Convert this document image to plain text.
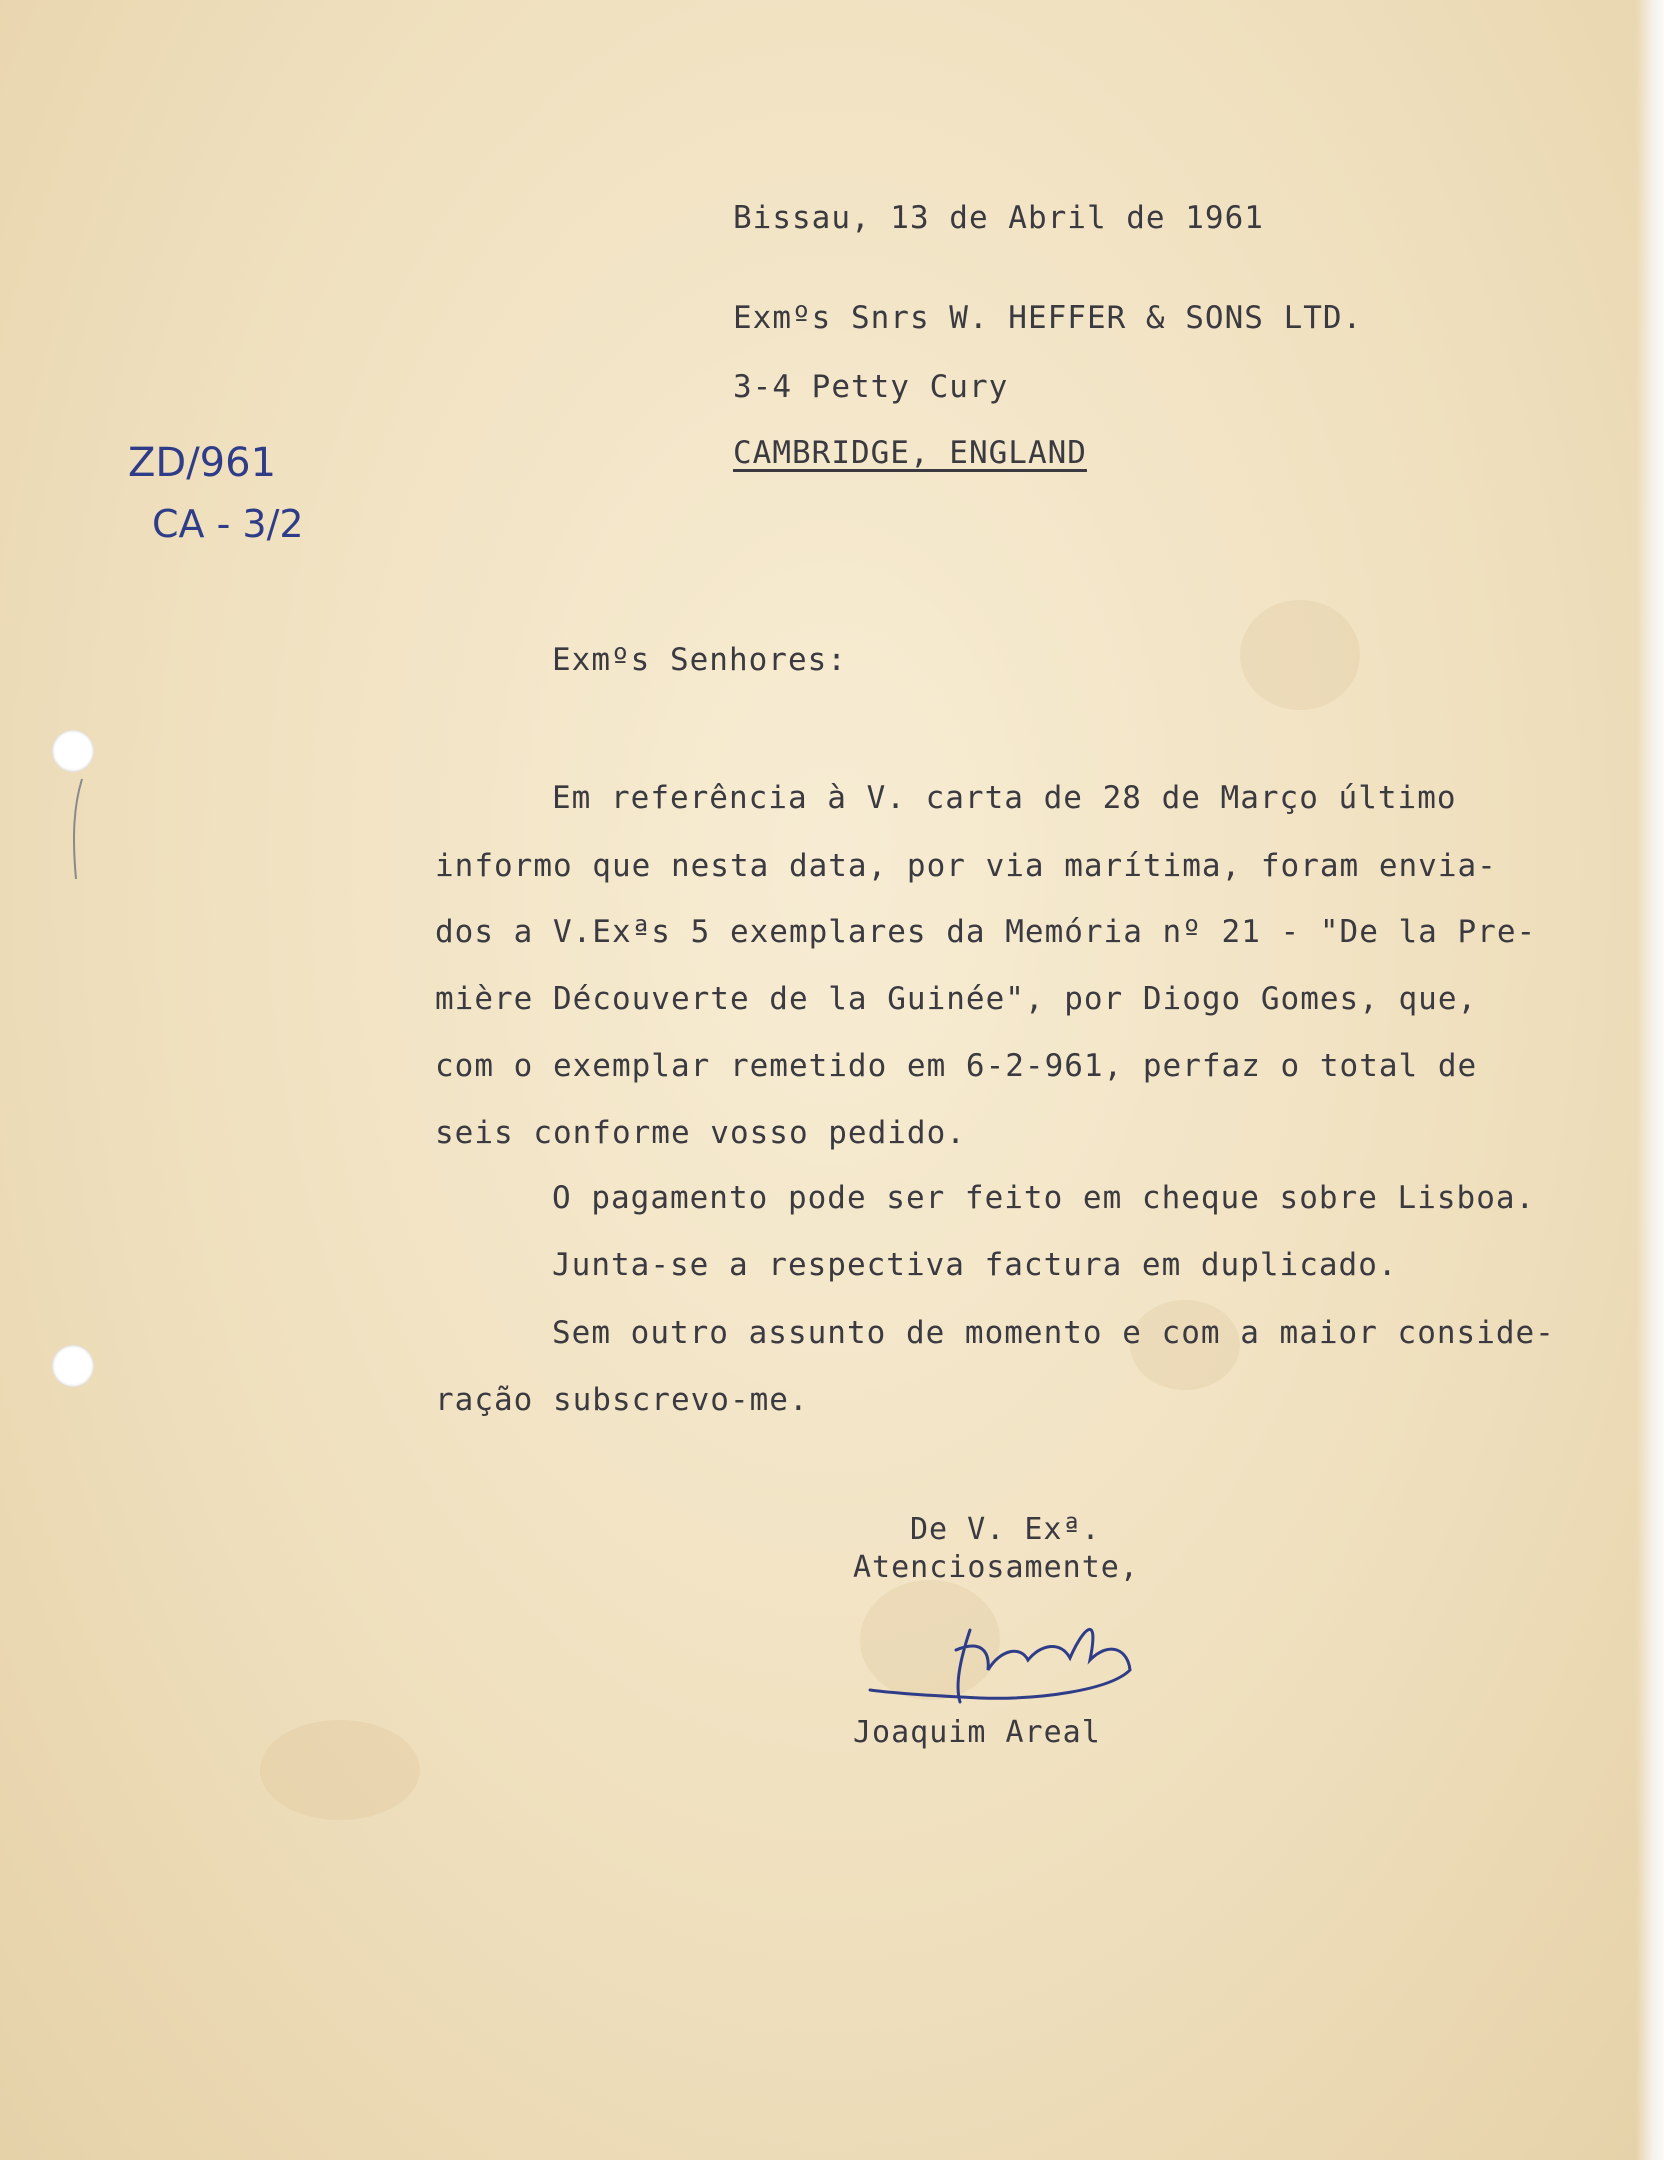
ZD/961
CA - 3/2
Bissau, 13 de Abril de 1961
Exmºs Snrs W. HEFFER & SONS LTD.
3-4 Petty Cury
CAMBRIDGE, ENGLAND
Exmºs Senhores:
Em referência à V. carta de 28 de Março último
informo que nesta data, por via marítima, foram envia-
dos a V.Exªs 5 exemplares da Memória nº 21 - "De la Pre-
mière Découverte de la Guinée", por Diogo Gomes, que,
com o exemplar remetido em 6-2-961, perfaz o total de
seis conforme vosso pedido.
O pagamento pode ser feito em cheque sobre Lisboa.
Junta-se a respectiva factura em duplicado.
Sem outro assunto de momento e com a maior conside-
ração subscrevo-me.
De V. Exª.
Atenciosamente,
Joaquim Areal
